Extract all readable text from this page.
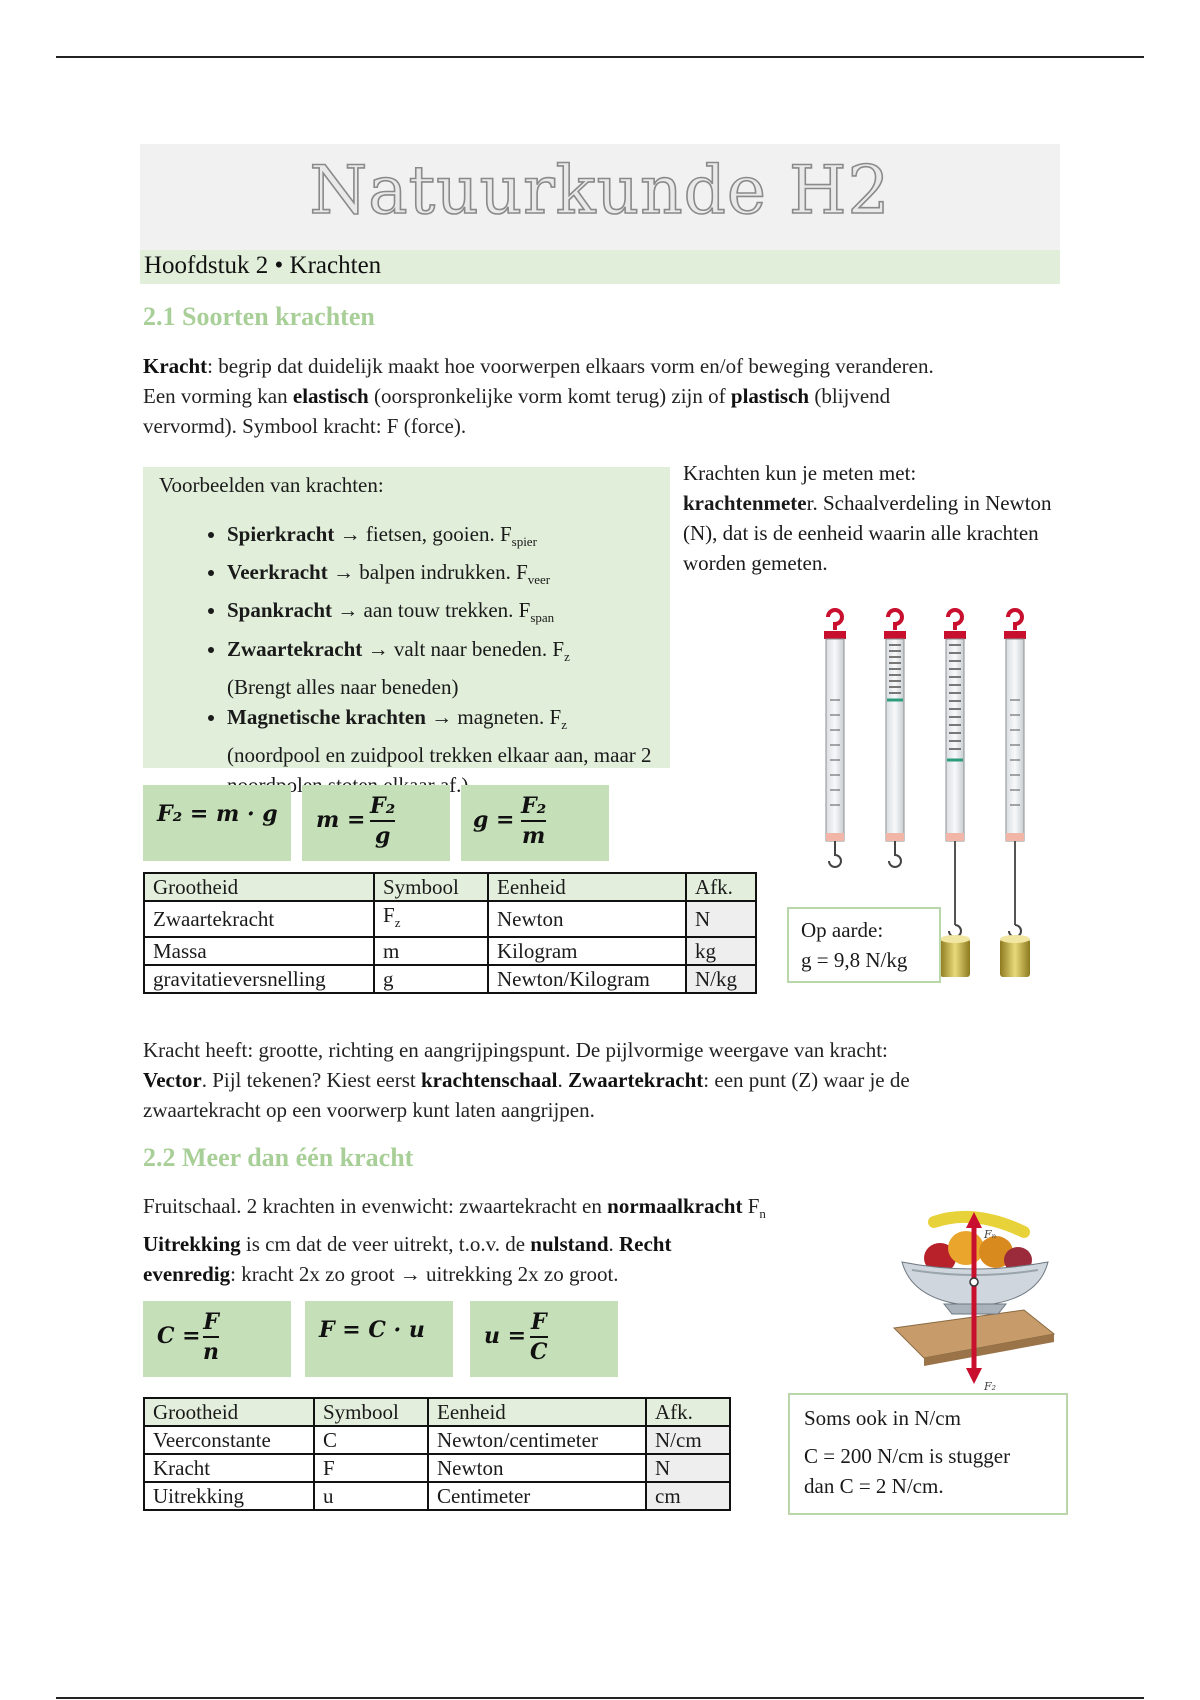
Natuurkunde H2
Hoofdstuk 2 • Krachten
2.1 Soorten krachten
Kracht: begrip dat duidelijk maakt hoe voorwerpen elkaars vorm en/of beweging veranderen.
Een vorming kan elastisch (oorspronkelijke vorm komt terug) zijn of plastisch (blijvend
vervormd). Symbool kracht: F (force).
Voorbeelden van krachten:
• Spierkracht → fietsen, gooien. $F_{spier}$
• Veerkracht → balpen indrukken. $F_{veer}$
• Spankracht → aan touw trekken. $F_{span}$
• Zwaartekracht → valt naar beneden. $F_z$
(Brengt alles naar beneden)
• Magnetische krachten → magneten. $F_z$
(noordpool en zuidpool trekken elkaar aan, maar 2 af.)
Krachten kun je meten met:
krachtenmeter. Schaalverdeling in Newton (N), dat is de eenheid waarin alle krachten worden gemeten.
F₂ = m · g m =
F₂
g
g =
F₂
m
Grootheid	Symbool	Eenheid	Afk.
Zwaartekracht	$F_z$	Newton	N
Massa	m	Kilogram	kg
gravitatieversnelling	g	Newton/Kilogram	N/kg
Op aarde:
g = 9,8 N/kg
Kracht heeft: grootte, richting en aangrijpingspunt. De pijlvormige weergave van kracht:
Vector. Pijl tekenen? Kiest eerst krachtenschaal. Zwaartekracht: een punt (Z) waar je de
zwaartekracht op een voorwerp kunt laten aangrijpen.
2.2 Meer dan één kracht
Fruitschaal. 2 krachten in evenwicht: zwaartekracht en normaalkracht $F_n$
Uitrekking is cm dat de veer uitrekt, t.o.v. de nulstand. Recht
evenredig: kracht 2x zo groot → uitrekking 2x zo groot.
Fₙ
F₂
C =
F
n
F = C · u	u =
F
C
Grootheid	Symbool	Eenheid	Afk.
Veerconstante	C	Newton/centimeter	N/cm
Kracht	F	Newton	N
Uitrekking	u	Centimeter	cm
Soms ook in N/cm

C = 200 N/cm is stugger
dan C = 2 N/cm.
